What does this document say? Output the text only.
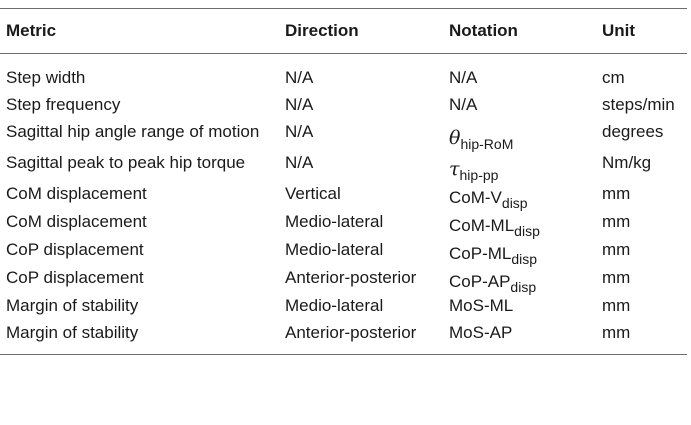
Metric	Direction	Notation	Unit
Step width	N/A	N/A	cm
Step frequency	N/A	N/A	steps/min
Sagittal hip angle range of motion	N/A	$\theta_{hip-RoM}$	degrees
Sagittal peak to peak hip torque	N/A	$\tau_{hip-pp}$	Nm/kg
CoM displacement	Vertical	CoM-$V_{disp}$	mm
CoM displacement	Medio-lateral	CoM-$ML_{disp}$	mm
CoP displacement	Medio-lateral	CoP-$ML_{disp}$	mm
CoP displacement	Anterior-posterior	CoP-$AP_{disp}$	mm
Margin of stability	Medio-lateral	MoS-ML	mm
Margin of stability	Anterior-posterior	MoS-AP	mm
